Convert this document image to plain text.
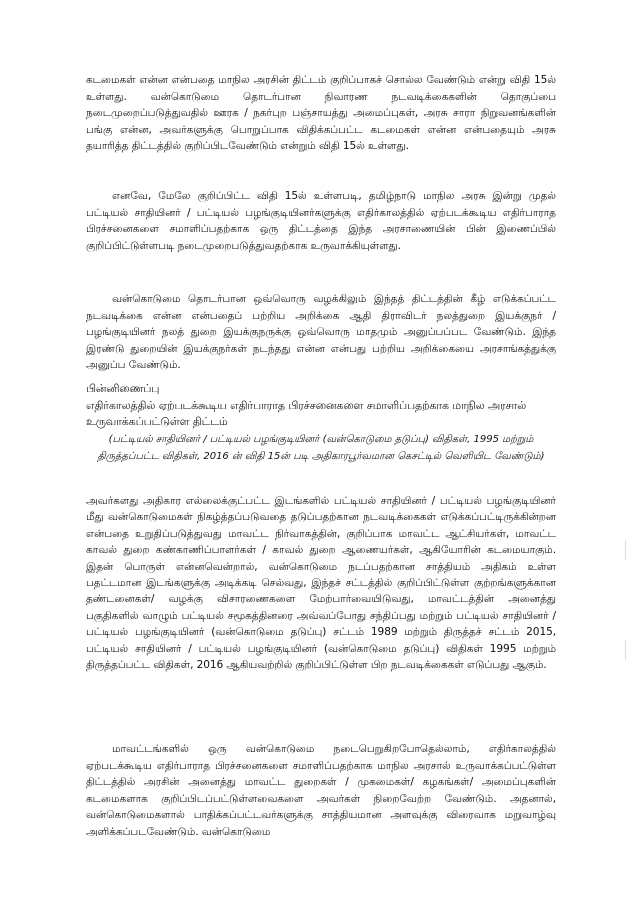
கடமைகள் என்ன என்பதை மாநில அரசின் திட்டம் குறிப்பாகச் சொல்ல வேண்டும் என்று விதி 15ல் உள்ளது. வன்கொடுமை தொடர்பான நிவாரண நடவடிக்கைகளின் தொகுப்பை நடைமுறைப்படுத்துவதில் ஊரக / நகர்புற பஞ்சாயத்து அமைப்புகள், அரசு சாரா நிறுவனங்களின் பங்கு என்ன, அவர்களுக்கு பொறுப்பாக விதிக்கப்பட்ட கடமைகள் என்ன என்பதையும் அரசு தயாரித்த திட்டத்தில் குறிப்பிடவேண்டும் என்றும் விதி 15ல் உள்ளது.
எனவே, மேலே குறிப்பிட்ட விதி 15ல் உள்ளபடி, தமிழ்நாடு மாநில அரசு இன்று முதல் பட்டியல் சாதியினர் / பட்டியல் பழங்குடியினர்களுக்கு எதிர்காலத்தில் ஏற்படக்கூடிய எதிர்பாராத பிரச்சனைகளை சமாளிப்பதற்காக ஒரு திட்டத்தை இந்த அரசாணையின் பின் இணைப்பில் குறிப்பிட்டுள்ளபடி நடைமுறைபடுத்துவதற்காக உருவாக்கியுள்ளது.
வன்கொடுமை தொடர்பான ஒவ்வொரு வழக்கிலும் இந்தத் திட்டத்தின் கீழ் எடுக்கப்பட்ட நடவடிக்கை என்ன என்பதைப் பற்றிய அறிக்கை ஆதி திராவிடர் நலத்துறை இயக்குநர் / பழங்குடியினர் நலத் துறை இயக்குநருக்கு ஒவ்வொரு மாதமும் அனுப்பப்பட வேண்டும். இந்த இரண்டு துறையின் இயக்குநர்கள் நடந்தது என்ன என்பது பற்றிய அறிக்கையை அரசாங்கத்துக்கு அனுப்ப வேண்டும்.
பின்னிணைப்பு
எதிர்காலத்தில் ஏற்படக்கூடிய எதிர்பாராத பிரச்சனைகளை சமாளிப்பதற்காக மாநில அரசால் உருவாக்கப்பட்டுள்ள திட்டம்
(பட்டியல் சாதியினர் / பட்டியல் பழங்குடியினர் (வன்கொடுமை தடுப்பு) விதிகள், 1995 மற்றும் திருத்தப்பட்ட விதிகள், 2016 ன் விதி 15ன் படி அதிகாரபூர்வமான கெசட்டில் வெளியிட வேண்டும்)
அவர்களது அதிகார எல்லைக்குட்பட்ட இடங்களில் பட்டியல் சாதியினர் / பட்டியல் பழங்குடியினர் மீது வன்கொடுமைகள் நிகழ்த்தப்படுவதை தடுப்பதற்கான நடவடிக்கைகள் எடுக்கப்பட்டிருக்கின்றன என்பதை உறுதிப்படுத்துவது மாவட்ட நிர்வாகத்தின், குறிப்பாக மாவட்ட ஆட்சியர்கள், மாவட்ட காவல் துறை கண்காணிப்பாளர்கள் / காவல் துறை ஆணையர்கள், ஆகியோரின் கடமையாகும். இதன் பொருள் என்னவென்றால், வன்கொடுமை நடப்பதற்கான சாத்தியம் அதிகம் உள்ள பதட்டமான இடங்களுக்கு அடிக்கடி செல்வது, இந்தச் சட்டத்தில் குறிப்பிட்டுள்ள குற்றங்களுக்கான தண்டனைகள்/ வழக்கு விசாரணைகளை மேற்பார்வையிடுவது, மாவட்டத்தின் அனைத்து பகுதிகளில் வாழும் பட்டியல் சமூகத்தினரை அவ்வப்போது சந்திப்பது மற்றும் பட்டியல் சாதியினர் / பட்டியல் பழங்குடியினர் (வன்கொடுமை தடுப்பு) சட்டம் 1989 மற்றும் திருத்தச் சட்டம் 2015, பட்டியல் சாதியினர் / பட்டியல் பழங்குடியினர் (வன்கொடுமை தடுப்பு) விதிகள் 1995 மற்றும் திருத்தப்பட்ட விதிகள், 2016 ஆகியவற்றில் குறிப்பிட்டுள்ள பிற நடவடிக்கைகள் எடுப்பது ஆகும்.
மாவட்டங்களில் ஒரு வன்கொடுமை நடைபெறுகிறபோதெல்லாம், எதிர்காலத்தில் ஏற்படக்கூடிய எதிர்பாராத பிரச்சனைகளை சமாளிப்பதற்காக மாநில அரசால் உருவாக்கப்பட்டுள்ள திட்டத்தில் அரசின் அனைத்து மாவட்ட துறைகள் / முகமைகள்/ கழகங்கள்/ அமைப்புகளின் கடமைகளாக குறிப்பிடப்பட்டுள்ளவைகளை அவர்கள் நிறைவேற்ற வேண்டும். அதனால், வன்கொடுமைகளால் பாதிக்கப்பட்டவர்களுக்கு சாத்தியமான அளவுக்கு விரைவாக மறுவாழ்வு அளிக்கப்படவேண்டும். வன்கொடுமை
